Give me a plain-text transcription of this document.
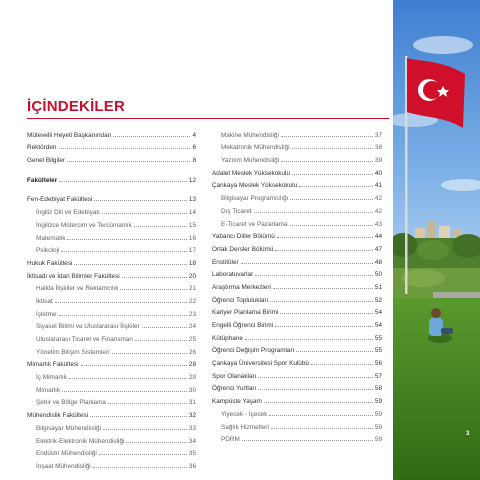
İÇİNDEKİLER
Mütevelli Heyeti Başkanından	4
Rektörden	6
Genel Bilgiler	8
Fakülteler	12
Fen-Edebiyat Fakültesi	13
İngiliz Dili ve Edebiyatı	14
İngilizce Mütercim ve Tercümanlık	15
Matematik	16
Psikoloji	17
Hukuk Fakültesi	18
İktisadi ve İdari Bilimler Fakültesi	20
Halkla İlişkiler ve Reklamcılık	21
İktisat	22
İşletme	23
Siyaset Bilimi ve Uluslararası İlişkiler	24
Uluslararası Ticaret ve Finansman	25
Yönetim Bilişim Sistemleri	26
Mimarlık Fakültesi	28
İç Mimarlık	29
Mimarlık	30
Şehir ve Bölge Planlama	31
Mühendislik Fakültesi	32
Bilgisayar Mühendisliği	33
Elektrik-Elektronik Mühendisliği	34
Endüstri Mühendisliği	35
İnşaat Mühendisliği	36
Makine Mühendisliği	37
Mekatronik Mühendisliği	38
Yazılım Mühendisliği	39
Adalet Meslek Yüksekokulu	40
Çankaya Meslek Yüksekokulu	41
Bilgisayar Programcılığı	42
Dış Ticaret	42
E-Ticaret ve Pazarlama	43
Yabancı Diller Bölümü	44
Ortak Dersler Bölümü	47
Enstitüler	48
Laboratuvarlar	50
Araştırma Merkezleri	51
Öğrenci Toplulukları	52
Kariyer Planlama Birimi	54
Engelli Öğrenci Birimi	54
Kütüphane	55
Öğrenci Değişim Programları	55
Çankaya Üniversitesi Spor Kulübü	56
Spor Olanakları	57
Öğrenci Yurtları	58
Kampüste Yaşam	59
Yiyecek - İçecek	59
Sağlık Hizmetleri	59
PDRM	59
3
